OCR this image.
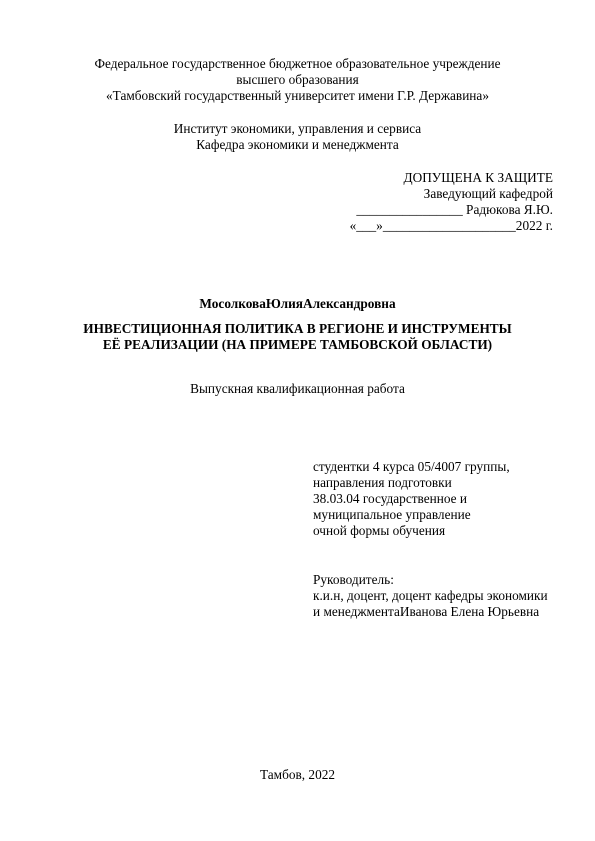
Федеральное государственное бюджетное образовательное учреждение
высшего образования
«Тамбовский государственный университет имени Г.Р. Державина»
Институт экономики, управления и сервиса
Кафедра экономики и менеджмента
ДОПУЩЕНА К ЗАЩИТЕ
Заведующий кафедрой
________________ Радюкова Я.Ю.
«___»____________________2022 г.
МосолковаЮлияАлександровна
ИНВЕСТИЦИОННАЯ ПОЛИТИКА В РЕГИОНЕ И ИНСТРУМЕНТЫ
ЕЁ РЕАЛИЗАЦИИ (НА ПРИМЕРЕ ТАМБОВСКОЙ ОБЛАСТИ)
Выпускная квалификационная работа
студентки 4 курса 05/4007 группы,
направления подготовки
38.03.04 государственное и
муниципальное управление
очной формы обучения
Руководитель:
к.и.н, доцент, доцент кафедры экономики
и менеджментаИванова Елена Юрьевна
Тамбов, 2022
